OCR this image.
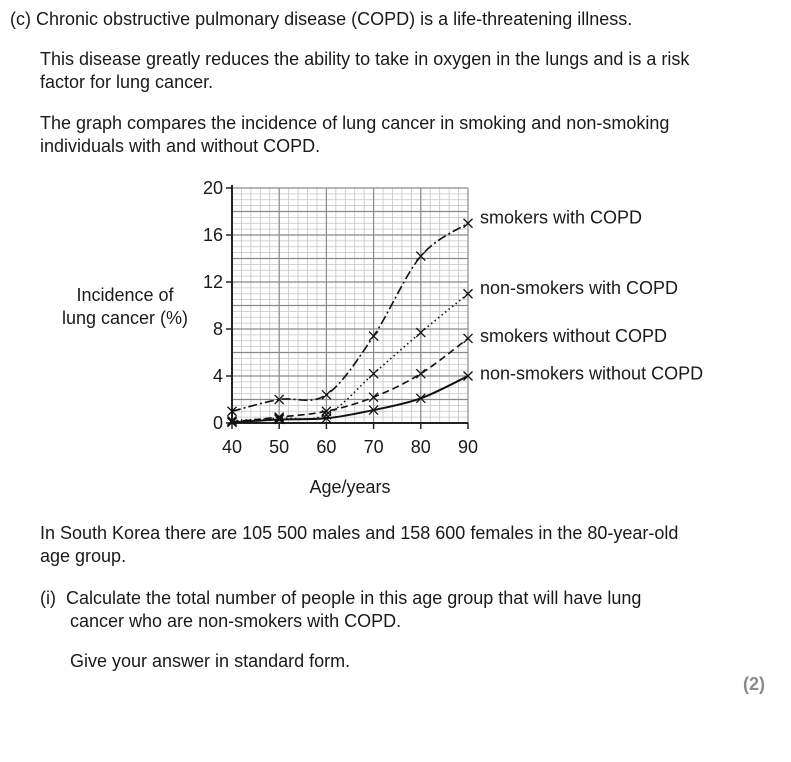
(c) Chronic obstructive pulmonary disease (COPD) is a life-threatening illness.

This disease greatly reduces the ability to take in oxygen in the lungs and is a risk

factor for lung cancer.

The graph compares the incidence of lung cancer in smoking and non-smoking

individuals with and without COPD.

Incidence of
lung cancer (%)
Age/years
0
4
8
12
16
20
40 50 60 70 80 90
smokers with COPD
non-smokers with COPD
smokers without COPD
non-smokers without COPD

In South Korea there are 105 500 males and 158 600 females in the 80-year-old

age group.

(i) Calculate the total number of people in this age group that will have lung

cancer who are non-smokers with COPD.

Give your answer in standard form.

(2)
